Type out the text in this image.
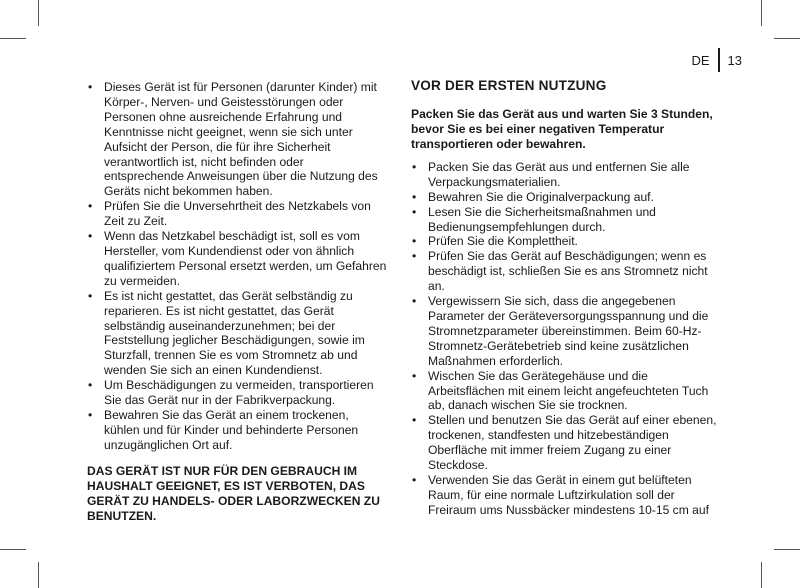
DE 13
• Dieses Gerät ist für Personen (darunter Kinder) mit Körper-, Nerven- und Geistesstörungen oder Personen ohne ausreichende Erfahrung und Kenntnisse nicht geeignet, wenn sie sich unter Aufsicht der Person, die für ihre Sicherheit verantwortlich ist, nicht befinden oder entsprechende Anweisungen über die Nutzung des Geräts nicht bekommen haben.
• Prüfen Sie die Unversehrtheit des Netzkabels von Zeit zu Zeit.
• Wenn das Netzkabel beschädigt ist, soll es vom Hersteller, vom Kundendienst oder von ähnlich qualifiziertem Personal ersetzt werden, um Gefahren zu vermeiden.
• Es ist nicht gestattet, das Gerät selbständig zu reparieren. Es ist nicht gestattet, das Gerät selbständig auseinanderzunehmen; bei der Feststellung jeglicher Beschädigungen, sowie im Sturzfall, trennen Sie es vom Stromnetz ab und wenden Sie sich an einen Kundendienst.
• Um Beschädigungen zu vermeiden, transportieren Sie das Gerät nur in der Fabrikverpackung.
• Bewahren Sie das Gerät an einem trockenen, kühlen und für Kinder und behinderte Personen unzugänglichen Ort auf.

DAS GERÄT IST NUR FÜR DEN GEBRAUCH IM HAUSHALT GEEIGNET, ES IST VERBOTEN, DAS GERÄT ZU HANDELS- ODER LABORZWECKEN ZU BENUTZEN.

VOR DER ERSTEN NUTZUNG

Packen Sie das Gerät aus und warten Sie 3 Stunden, bevor Sie es bei einer negativen Temperatur transportieren oder bewahren.

• Packen Sie das Gerät aus und entfernen Sie alle Verpackungsmaterialien.
• Bewahren Sie die Originalverpackung auf.
• Lesen Sie die Sicherheitsmaßnahmen und Bedienungsempfehlungen durch.
• Prüfen Sie die Komplettheit.
• Prüfen Sie das Gerät auf Beschädigungen; wenn es beschädigt ist, schließen Sie es ans Stromnetz nicht an.
• Vergewissern Sie sich, dass die angegebenen Parameter der Geräteversorgungsspannung und die Stromnetzparameter übereinstimmen. Beim 60-Hz-Stromnetz-Gerätebetrieb sind keine zusätzlichen Maßnahmen erforderlich.
• Wischen Sie das Gerätegehäuse und die Arbeitsflächen mit einem leicht angefeuchteten Tuch ab, danach wischen Sie sie trocknen.
• Stellen und benutzen Sie das Gerät auf einer ebenen, trockenen, standfesten und hitzebeständigen Oberfläche mit immer freiem Zugang zu einer Steckdose.
• Verwenden Sie das Gerät in einem gut belüfteten Raum, für eine normale Luftzirkulation soll der Freiraum ums Nussbäcker mindestens 10-15 cm auf
